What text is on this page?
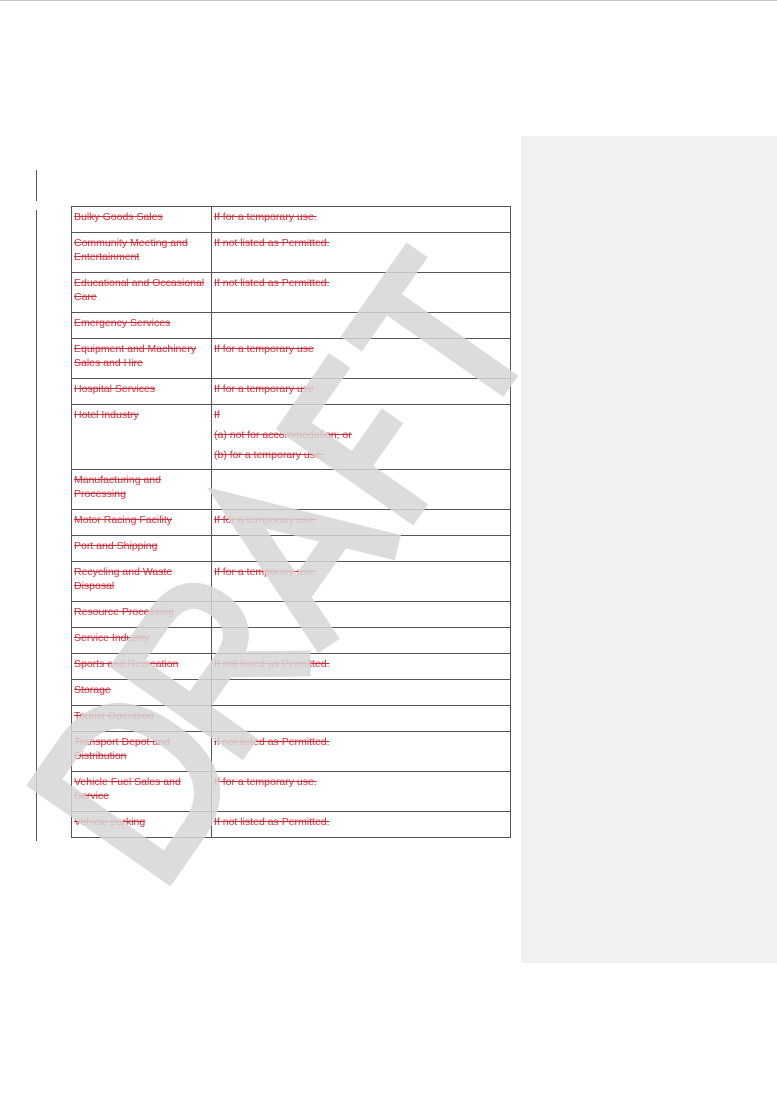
Bulky Goods Sales	If for a temporary use.
Community Meeting and Entertainment	If not listed as Permitted.
Educational and Occasional Care	If not listed as Permitted.
Emergency Services	
Equipment and Machinery Sales and Hire	If for a temporary use
Hospital Services	If for a temporary use
Hotel Industry	If
(a) not for accommodation; or
(b) for a temporary use.

Manufacturing and Processing	
Motor Racing Facility	If for a temporary use.
Port and Shipping	
Recycling and Waste Disposal	If for a temporary use.
Resource Processing	
Service Industry	
Sports and Recreation	If not listed as Permitted.
Storage	
Tourist Operation	
Transport Depot and Distribution	If not listed as Permitted.
Vehicle Fuel Sales and Service	If for a temporary use.
Vehicle parking	If not listed as Permitted.
